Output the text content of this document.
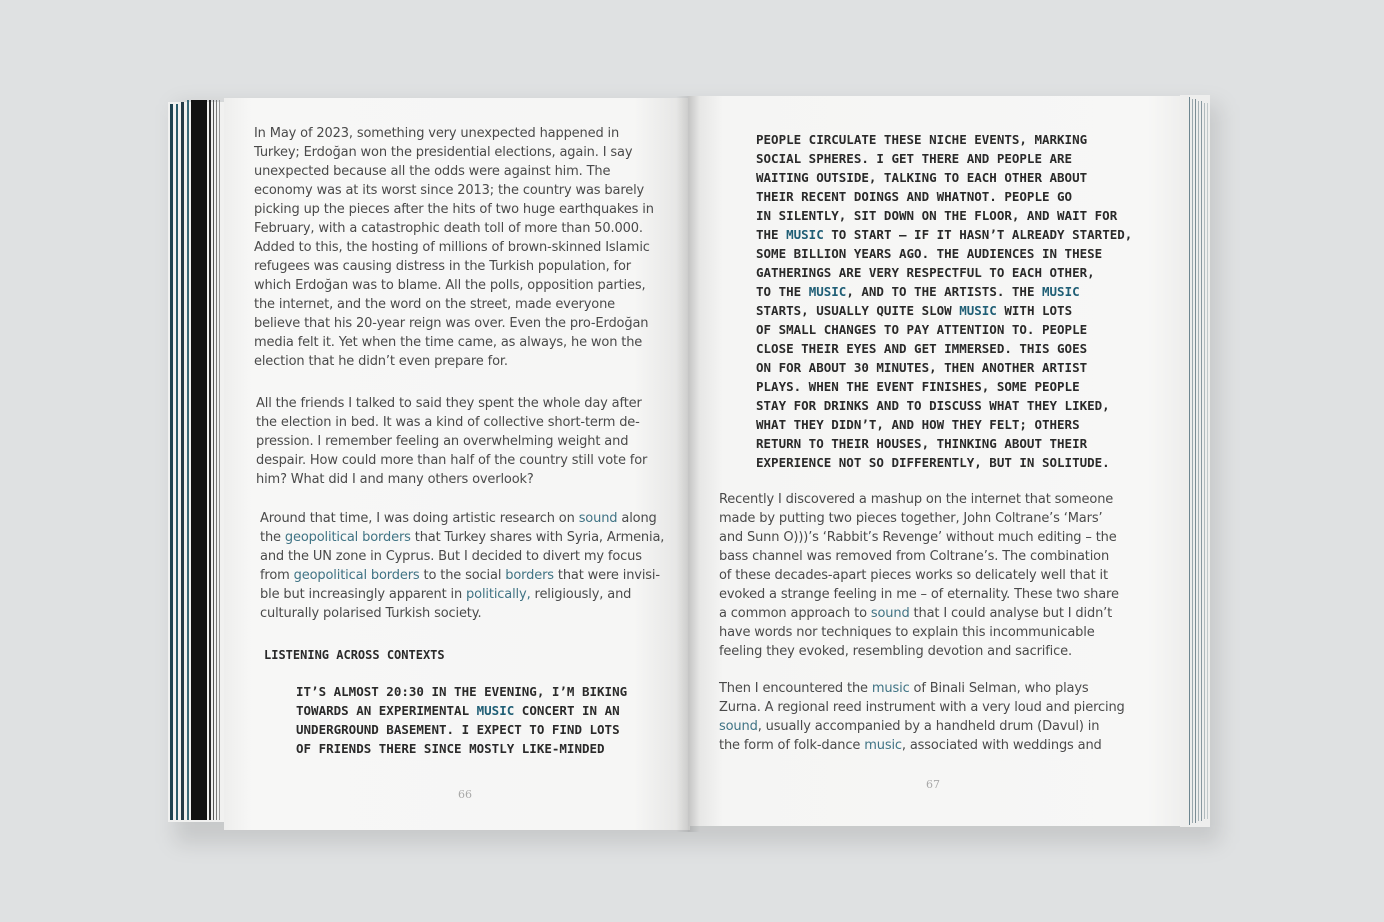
In May of 2023, something very unexpected happened in
Turkey; Erdoğan won the presidential elections, again. I say
unexpected because all the odds were against him. The
economy was at its worst since 2013; the country was barely
picking up the pieces after the hits of two huge earthquakes in
February, with a catastrophic death toll of more than 50.000.
Added to this, the hosting of millions of brown-skinned Islamic
refugees was causing distress in the Turkish population, for
which Erdoğan was to blame. All the polls, opposition parties,
the internet, and the word on the street, made everyone
believe that his 20-year reign was over. Even the pro-Erdoğan
media felt it. Yet when the time came, as always, he won the
election that he didn’t even prepare for.

All the friends I talked to said they spent the whole day after
the election in bed. It was a kind of collective short-term de-
pression. I remember feeling an overwhelming weight and
despair. How could more than half of the country still vote for
him? What did I and many others overlook?

Around that time, I was doing artistic research on sound along
the geopolitical borders that Turkey shares with Syria, Armenia,
and the UN zone in Cyprus. But I decided to divert my focus
from geopolitical borders to the social borders that were invisi-
ble but increasingly apparent in politically, religiously, and
culturally polarised Turkish society.

LISTENING ACROSS CONTEXTS

IT’S ALMOST 20:30 IN THE EVENING, I’M BIKING
TOWARDS AN EXPERIMENTAL MUSIC CONCERT IN AN
UNDERGROUND BASEMENT. I EXPECT TO FIND LOTS
OF FRIENDS THERE SINCE MOSTLY LIKE-MINDED

66

PEOPLE CIRCULATE THESE NICHE EVENTS, MARKING
SOCIAL SPHERES. I GET THERE AND PEOPLE ARE
WAITING OUTSIDE, TALKING TO EACH OTHER ABOUT
THEIR RECENT DOINGS AND WHATNOT. PEOPLE GO
IN SILENTLY, SIT DOWN ON THE FLOOR, AND WAIT FOR
THE MUSIC TO START – IF IT HASN’T ALREADY STARTED,
SOME BILLION YEARS AGO. THE AUDIENCES IN THESE
GATHERINGS ARE VERY RESPECTFUL TO EACH OTHER,
TO THE MUSIC, AND TO THE ARTISTS. THE MUSIC
STARTS, USUALLY QUITE SLOW MUSIC WITH LOTS
OF SMALL CHANGES TO PAY ATTENTION TO. PEOPLE
CLOSE THEIR EYES AND GET IMMERSED. THIS GOES
ON FOR ABOUT 30 MINUTES, THEN ANOTHER ARTIST
PLAYS. WHEN THE EVENT FINISHES, SOME PEOPLE
STAY FOR DRINKS AND TO DISCUSS WHAT THEY LIKED,
WHAT THEY DIDN’T, AND HOW THEY FELT; OTHERS
RETURN TO THEIR HOUSES, THINKING ABOUT THEIR
EXPERIENCE NOT SO DIFFERENTLY, BUT IN SOLITUDE.

Recently I discovered a mashup on the internet that someone
made by putting two pieces together, John Coltrane’s ‘Mars’
and Sunn O)))’s ‘Rabbit’s Revenge’ without much editing – the
bass channel was removed from Coltrane’s. The combination
of these decades-apart pieces works so delicately well that it
evoked a strange feeling in me – of eternality. These two share
a common approach to sound that I could analyse but I didn’t
have words nor techniques to explain this incommunicable
feeling they evoked, resembling devotion and sacrifice.

Then I encountered the music of Binali Selman, who plays
Zurna. A regional reed instrument with a very loud and piercing
sound, usually accompanied by a handheld drum (Davul) in
the form of folk-dance music, associated with weddings and

67
